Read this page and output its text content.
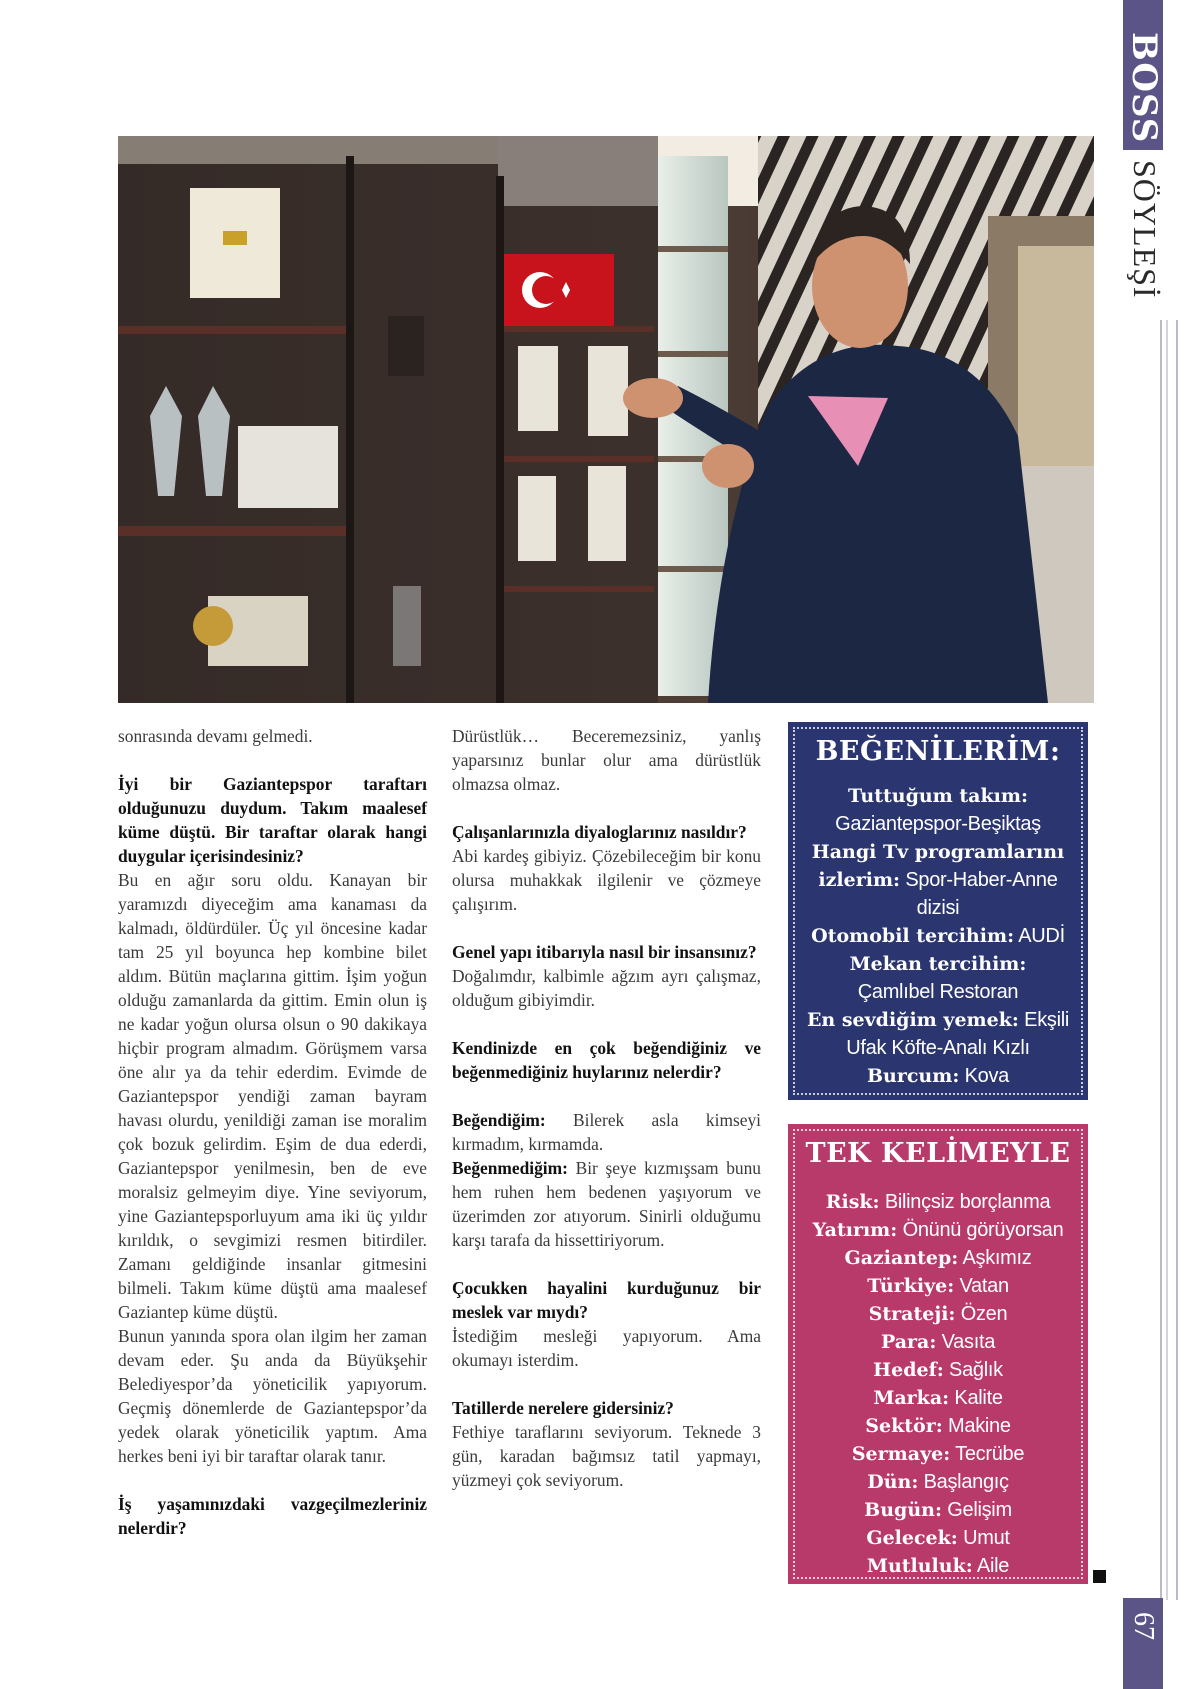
BOSS
SÖYLEŞİ
67

sonrasında devamı gelmedi.

İyi bir Gaziantepspor taraftarı olduğunuzu duydum. Takım maalesef küme düştü. Bir taraftar olarak hangi duygular içerisindesiniz?

Bu en ağır soru oldu. Kanayan bir yaramızdı diyeceğim ama kanaması da kalmadı, öldürdüler. Üç yıl öncesine kadar tam 25 yıl boyunca hep kombine bilet aldım. Bütün maçlarına gittim. İşim yoğun olduğu zamanlarda da gittim. Emin olun iş ne kadar yoğun olursa olsun o 90 dakikaya hiçbir program almadım. Görüşmem varsa öne alır ya da tehir ederdim. Evimde de Gaziantepspor yendiği zaman bayram havası olurdu, yenildiği zaman ise moralim çok bozuk gelirdim. Eşim de dua ederdi, Gaziantepspor yenilmesin, ben de eve moralsiz gelmeyim diye. Yine seviyorum, yine Gaziantepsporluyum ama iki üç yıldır kırıldık, o sevgimizi resmen bitirdiler. Zamanı geldiğinde insanlar gitmesini bilmeli. Takım küme düştü ama maalesef Gaziantep küme düştü.

Bunun yanında spora olan ilgim her zaman devam eder. Şu anda da Büyükşehir Belediyespor’da yöneticilik yapıyorum. Geçmiş dönemlerde de Gaziantepspor’da yedek olarak yöneticilik yaptım. Ama herkes beni iyi bir taraftar olarak tanır.

İş yaşamınızdaki vazgeçilmezleriniz nelerdir?

Dürüstlük… Beceremezsiniz, yanlış yaparsınız bunlar olur ama dürüstlük olmazsa olmaz.

Çalışanlarınızla diyaloglarınız nasıldır?

Abi kardeş gibiyiz. Çözebileceğim bir konu olursa muhakkak ilgilenir ve çözmeye çalışırım.

Genel yapı itibarıyla nasıl bir insansınız?

Doğalımdır, kalbimle ağzım ayrı çalışmaz, olduğum gibiyimdir.

Kendinizde en çok beğendiğiniz ve beğenmediğiniz huylarınız nelerdir?

Beğendiğim: Bilerek asla kimseyi kırmadım, kırmamda.

Beğenmediğim: Bir şeye kızmışsam bunu hem ruhen hem bedenen yaşıyorum ve üzerimden zor atıyorum. Sinirli olduğumu karşı tarafa da hissettiriyorum.

Çocukken hayalini kurduğunuz bir meslek var mıydı?

İstediğim mesleği yapıyorum. Ama okumayı isterdim.

Tatillerde nerelere gidersiniz?

Fethiye taraflarını seviyorum. Teknede 3 gün, karadan bağımsız tatil yapmayı, yüzmeyi çok seviyorum.

BEĞENİLERİM:
Tuttuğum takım:
Gaziantepspor-Beşiktaş
Hangi Tv programlarını izlerim: Spor-Haber-Anne dizisi
Otomobil tercihim: AUDİ
Mekan tercihim:
Çamlıbel Restoran
En sevdiğim yemek: Ekşili Ufak Köfte-Analı Kızlı
Burcum: Kova
TEK KELİMEYLE
Risk: Bilinçsiz borçlanma
Yatırım: Önünü görüyorsan
Gaziantep: Aşkımız
Türkiye: Vatan
Strateji: Özen
Para: Vasıta
Hedef: Sağlık
Marka: Kalite
Sektör: Makine
Sermaye: Tecrübe
Dün: Başlangıç
Bugün: Gelişim
Gelecek: Umut
Mutluluk: Aile
